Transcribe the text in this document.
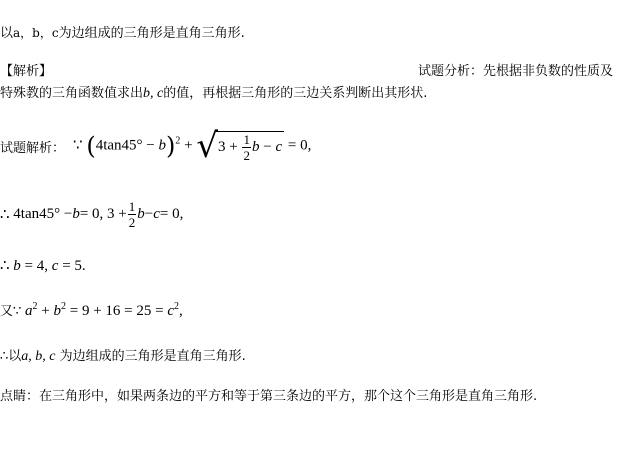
以a，b，c为边组成的三角形是直角三角形.
【解析】	试题分析：先根据非负数的性质及
特殊教的三角函数值求出b, c的值，再根据三角形的三边关系判断出其形状.
试题解析： ∵ $(4\tan 45^\circ - b)^2 + √3 + \frac{1}{2}$ b − c = 0,
∴
4tan45° − b = 0, $3 + \frac{1}{2}$ b − c = 0,
∴ b = 4, c = 5.
又∵ $a^2 + b^2 = 9 + 16 = 25 = c^2$,
∴以a, b, c 为边组成的三角形是直角三角形.
点睛：在三角形中，如果两条边的平方和等于第三条边的平方，那个这个三角形是直角三角形.
